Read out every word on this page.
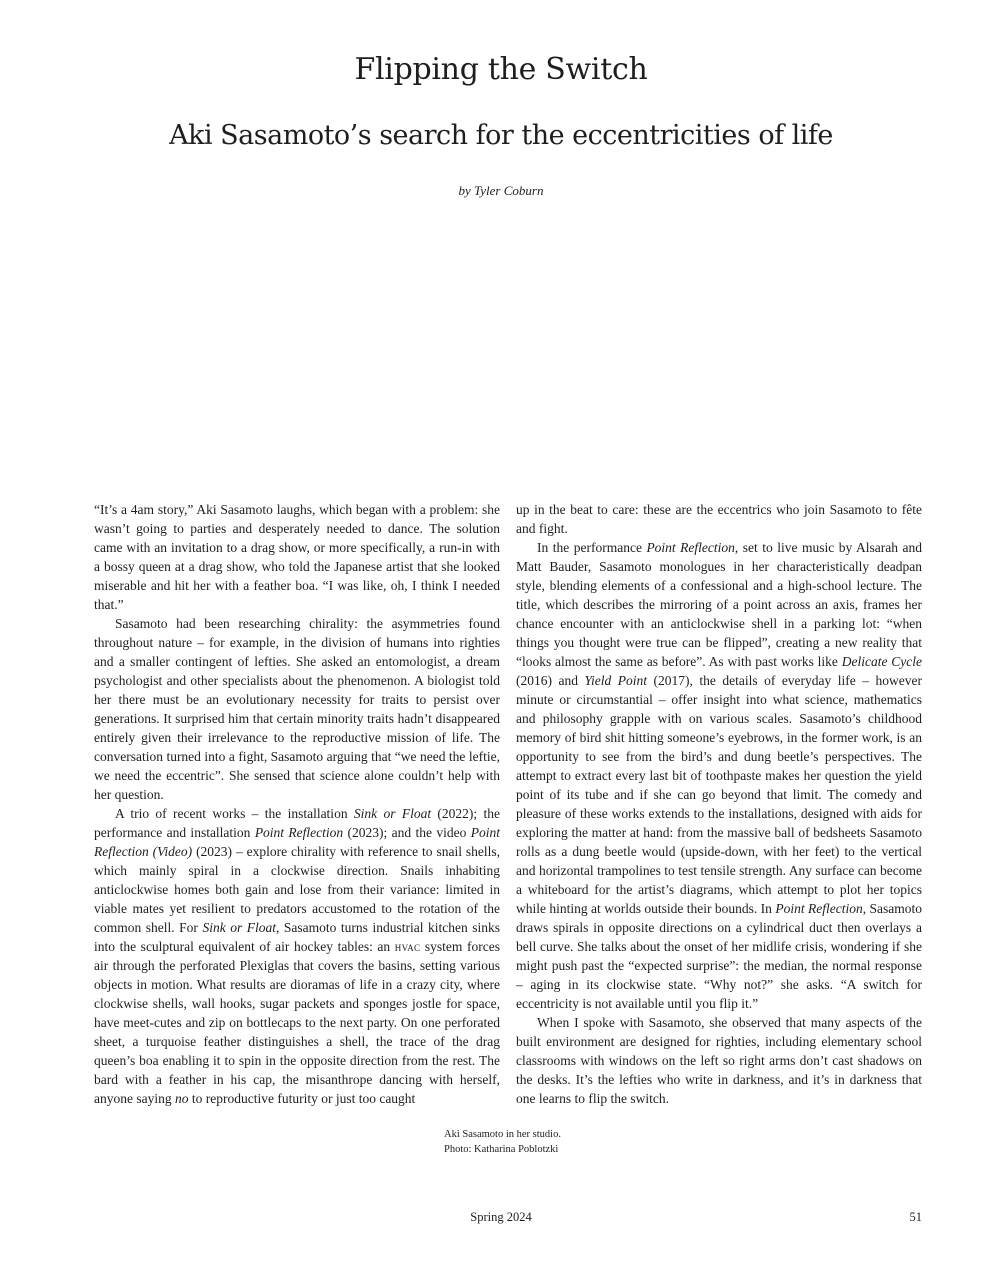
Flipping the Switch
Aki Sasamoto’s search for the eccentricities of life

by Tyler Coburn

“It’s a 4am story,” Aki Sasamoto laughs, which began with a problem: she wasn’t going to parties and desperately needed to dance. The solution came with an invitation to a drag show, or more specifically, a run-in with a bossy queen at a drag show, who told the Japanese artist that she looked miserable and hit her with a feather boa. “I was like, oh, I think I needed that.”

Sasamoto had been researching chirality: the asymmetries found throughout nature – for example, in the division of humans into righties and a smaller contingent of lefties. She asked an entomologist, a dream psychologist and other specialists about the phenomenon. A biologist told her there must be an evolutionary necessity for traits to persist over generations. It surprised him that certain minority traits hadn’t disappeared entirely given their irrelevance to the reproductive mission of life. The conversation turned into a fight, Sasamoto arguing that “we need the leftie, we need the eccentric”. She sensed that science alone couldn’t help with her question.

A trio of recent works – the installation Sink or Float (2022); the performance and installation Point Reflection (2023); and the video Point Reflection (Video) (2023) – explore chirality with reference to snail shells, which mainly spiral in a clockwise direction. Snails inhabiting anticlockwise homes both gain and lose from their variance: limited in viable mates yet resilient to predators accustomed to the rotation of the common shell. For Sink or Float, Sasamoto turns industrial kitchen sinks into the sculptural equivalent of air hockey tables: an hvac system forces air through the perforated Plexiglas that covers the basins, setting various objects in motion. What results are dioramas of life in a crazy city, where clockwise shells, wall hooks, sugar packets and sponges jostle for space, have meet-cutes and zip on bottlecaps to the next party. On one perforated sheet, a turquoise feather distinguishes a shell, the trace of the drag queen’s boa enabling it to spin in the opposite direction from the rest. The bard with a feather in his cap, the misanthrope dancing with herself, anyone saying no to reproductive futurity or just too caught

up in the beat to care: these are the eccentrics who join Sasamoto to fête and fight.

In the performance Point Reflection, set to live music by Alsarah and Matt Bauder, Sasamoto monologues in her characteristically deadpan style, blending elements of a confessional and a high-school lecture. The title, which describes the mirroring of a point across an axis, frames her chance encounter with an anticlockwise shell in a parking lot: “when things you thought were true can be flipped”, creating a new reality that “looks almost the same as before”. As with past works like Delicate Cycle (2016) and Yield Point (2017), the details of everyday life – however minute or circumstantial – offer insight into what science, mathematics and philosophy grapple with on various scales. Sasamoto’s childhood memory of bird shit hitting someone’s eyebrows, in the former work, is an opportunity to see from the bird’s and dung beetle’s perspectives. The attempt to extract every last bit of toothpaste makes her question the yield point of its tube and if she can go beyond that limit. The comedy and pleasure of these works extends to the installations, designed with aids for exploring the matter at hand: from the massive ball of bedsheets Sasamoto rolls as a dung beetle would (upside-down, with her feet) to the vertical and horizontal trampolines to test tensile strength. Any surface can become a whiteboard for the artist’s diagrams, which attempt to plot her topics while hinting at worlds outside their bounds. In Point Reflection, Sasamoto draws spirals in opposite directions on a cylindrical duct then overlays a bell curve. She talks about the onset of her midlife crisis, wondering if she might push past the “expected surprise”: the median, the normal response – aging in its clockwise state. “Why not?” she asks. “A switch for eccentricity is not available until you flip it.”

When I spoke with Sasamoto, she observed that many aspects of the built environment are designed for righties, including elementary school classrooms with windows on the left so right arms don’t cast shadows on the desks. It’s the lefties who write in darkness, and it’s in darkness that one learns to flip the switch.

Aki Sasamoto in her studio.
Photo: Katharina Poblotzki
Spring 2024	51
